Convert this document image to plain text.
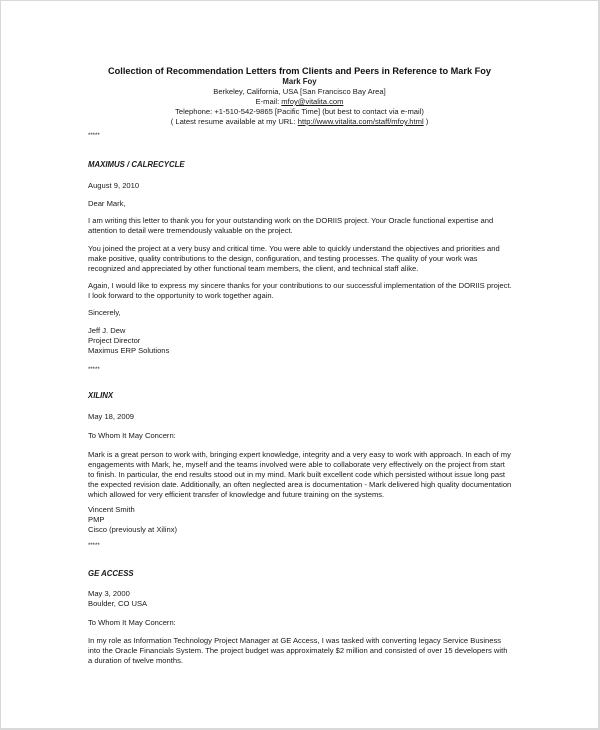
Collection of Recommendation Letters from Clients and Peers in Reference to Mark Foy
Mark Foy
Berkeley, California, USA [San Francisco Bay Area]
E-mail: mfoy@vitalita.com
Telephone: +1-510-542-9865 [Pacific Time] (but best to contact via e-mail)
( Latest resume available at my URL: http://www.vitalita.com/staff/mfoy.html )
*****
MAXIMUS / CALRECYCLE
August 9, 2010
Dear Mark,
I am writing this letter to thank you for your outstanding work on the DORIIS project. Your Oracle functional expertise and
attention to detail were tremendously valuable on the project.
You joined the project at a very busy and critical time. You were able to quickly understand the objectives and priorities and
make positive, quality contributions to the design, configuration, and testing processes. The quality of your work was
recognized and appreciated by other functional team members, the client, and technical staff alike.
Again, I would like to express my sincere thanks for your contributions to our successful implementation of the DORIIS project.
I look forward to the opportunity to work together again.
Sincerely,
Jeff J. Dew
Project Director
Maximus ERP Solutions
*****
XILINX
May 18, 2009
To Whom It May Concern:
Mark is a great person to work with, bringing expert knowledge, integrity and a very easy to work with approach. In each of my
engagements with Mark, he, myself and the teams involved were able to collaborate very effectively on the project from start
to finish. In particular, the end results stood out in my mind. Mark built excellent code which persisted without issue long past
the expected revision date. Additionally, an often neglected area is documentation - Mark delivered high quality documentation
which allowed for very efficient transfer of knowledge and future training on the systems.
Vincent Smith
PMP
Cisco (previously at Xilinx)
*****
GE ACCESS
May 3, 2000
Boulder, CO USA
To Whom It May Concern:
In my role as Information Technology Project Manager at GE Access, I was tasked with converting legacy Service Business
into the Oracle Financials System. The project budget was approximately $2 million and consisted of over 15 developers with
a duration of twelve months.
